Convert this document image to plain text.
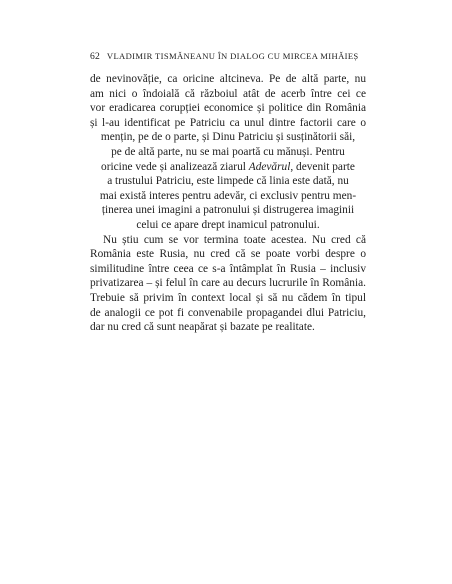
62 VLADIMIR TISMĂNEANU ÎN DIALOG CU MIRCEA MIHĂIEȘ

de nevinovăție, ca oricine altcineva. Pe de altă parte, nu
am nici o îndoială că războiul atât de acerb între cei ce
vor eradicarea corupției economice și politice din România
și l-au identificat pe Patriciu ca unul dintre factorii care o
mențin, pe de o parte, și Dinu Patriciu și susținătorii săi,
pe de altă parte, nu se mai poartă cu mănuși. Pentru
oricine vede și analizează ziarul Adevărul, devenit parte
a trustului Patriciu, este limpede că linia este dată, nu
mai există interes pentru adevăr, ci exclusiv pentru men-
ținerea unei imagini a patronului și distrugerea imaginii
celui ce apare drept inamicul patronului.

Nu știu cum se vor termina toate acestea. Nu cred că
România este Rusia, nu cred că se poate vorbi despre o
similitudine între ceea ce s-a întâmplat în Rusia – inclusiv
privatizarea – și felul în care au decurs lucrurile în România.
Trebuie să privim în context local și să nu cădem în tipul
de analogii ce pot fi convenabile propagandei dlui Patriciu,
dar nu cred că sunt neapărat și bazate pe realitate.
